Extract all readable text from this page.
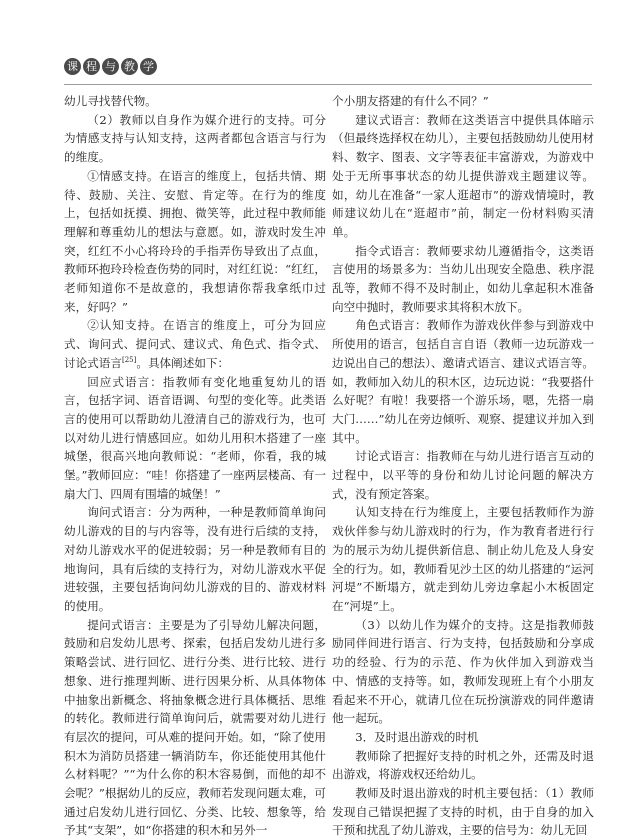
课 程 与 教 学

幼儿寻找替代物。

（2）教师以自身作为媒介进行的支持。可分为情感支持与认知支持，这两者都包含语言与行为的维度。

①情感支持。在语言的维度上，包括共情、期待、鼓励、关注、安慰、肯定等。在行为的维度上，包括如抚摸、拥抱、微笑等，此过程中教师能理解和尊重幼儿的想法与意愿。如，游戏时发生冲突，红红不小心将玲玲的手指弄伤导致出了点血，教师环抱玲玲检查伤势的同时，对红红说：“红红，老师知道你不是故意的，我想请你帮我拿纸巾过来，好吗？”

②认知支持。在语言的维度上，可分为回应式、询问式、提问式、建议式、角色式、指令式、讨论式语言[25]。具体阐述如下：

回应式语言：指教师有变化地重复幼儿的语言，包括字词、语音语调、句型的变化等。此类语言的使用可以帮助幼儿澄清自己的游戏行为，也可以对幼儿进行情感回应。如幼儿用积木搭建了一座城堡，很高兴地向教师说：“老师，你看，我的城堡。”教师回应：“哇！你搭建了一座两层楼高、有一扇大门、四周有围墙的城堡！”

询问式语言：分为两种，一种是教师简单询问幼儿游戏的目的与内容等，没有进行后续的支持，对幼儿游戏水平的促进较弱；另一种是教师有目的地询问，具有后续的支持行为，对幼儿游戏水平促进较强，主要包括询问幼儿游戏的目的、游戏材料的使用。

提问式语言：主要是为了引导幼儿解决问题，鼓励和启发幼儿思考、探索，包括启发幼儿进行多策略尝试、进行回忆、进行分类、进行比较、进行想象、进行推理判断、进行因果分析、从具体物体中抽象出新概念、将抽象概念进行具体概括、思维的转化。教师进行简单询问后，就需要对幼儿进行有层次的提问，可从难的提问开始。如，“除了使用积木为消防员搭建一辆消防车，你还能使用其他什么材料呢？”“为什么你的积木容易倒，而他的却不会呢？”根据幼儿的反应，教师若发现问题太难，可通过启发幼儿进行回忆、分类、比较、想象等，给予其“支架”，如“你搭建的积木和另外一

个小朋友搭建的有什么不同？”

建议式语言：教师在这类语言中提供具体暗示（但最终选择权在幼儿），主要包括鼓励幼儿使用材料、数字、图表、文字等表征丰富游戏，为游戏中处于无所事事状态的幼儿提供游戏主题建议等。如，幼儿在准备“一家人逛超市”的游戏情境时，教师建议幼儿在“逛超市”前，制定一份材料购买清单。

指令式语言：教师要求幼儿遵循指令，这类语言使用的场景多为：当幼儿出现安全隐患、秩序混乱等，教师不得不及时制止，如幼儿拿起积木准备向空中抛时，教师要求其将积木放下。

角色式语言：教师作为游戏伙伴参与到游戏中所使用的语言，包括自言自语（教师一边玩游戏一边说出自己的想法）、邀请式语言、建议式语言等。如，教师加入幼儿的积木区，边玩边说：“我要搭什么好呢？有啦！我要搭一个游乐场，嗯，先搭一扇大门……”幼儿在旁边倾听、观察、提建议并加入到其中。

讨论式语言：指教师在与幼儿进行语言互动的过程中，以平等的身份和幼儿讨论问题的解决方式，没有预定答案。

认知支持在行为维度上，主要包括教师作为游戏伙伴参与幼儿游戏时的行为，作为教育者进行行为的展示为幼儿提供新信息、制止幼儿危及人身安全的行为。如，教师看见沙土区的幼儿搭建的“运河河堤”不断塌方，就走到幼儿旁边拿起小木板固定在“河堤”上。

（3）以幼儿作为媒介的支持。这是指教师鼓励同伴间进行语言、行为支持，包括鼓励和分享成功的经验、行为的示范、作为伙伴加入到游戏当中、情感的支持等。如，教师发现班上有个小朋友看起来不开心，就请几位在玩扮演游戏的同伴邀请他一起玩。

3．及时退出游戏的时机

教师除了把握好支持的时机之外，还需及时退出游戏，将游戏权还给幼儿。

教师及时退出游戏的时机主要包括：（1）教师发现自己错误把握了支持的时机，由于自身的加入干预和扰乱了幼儿游戏，主要的信号为：幼儿无回
